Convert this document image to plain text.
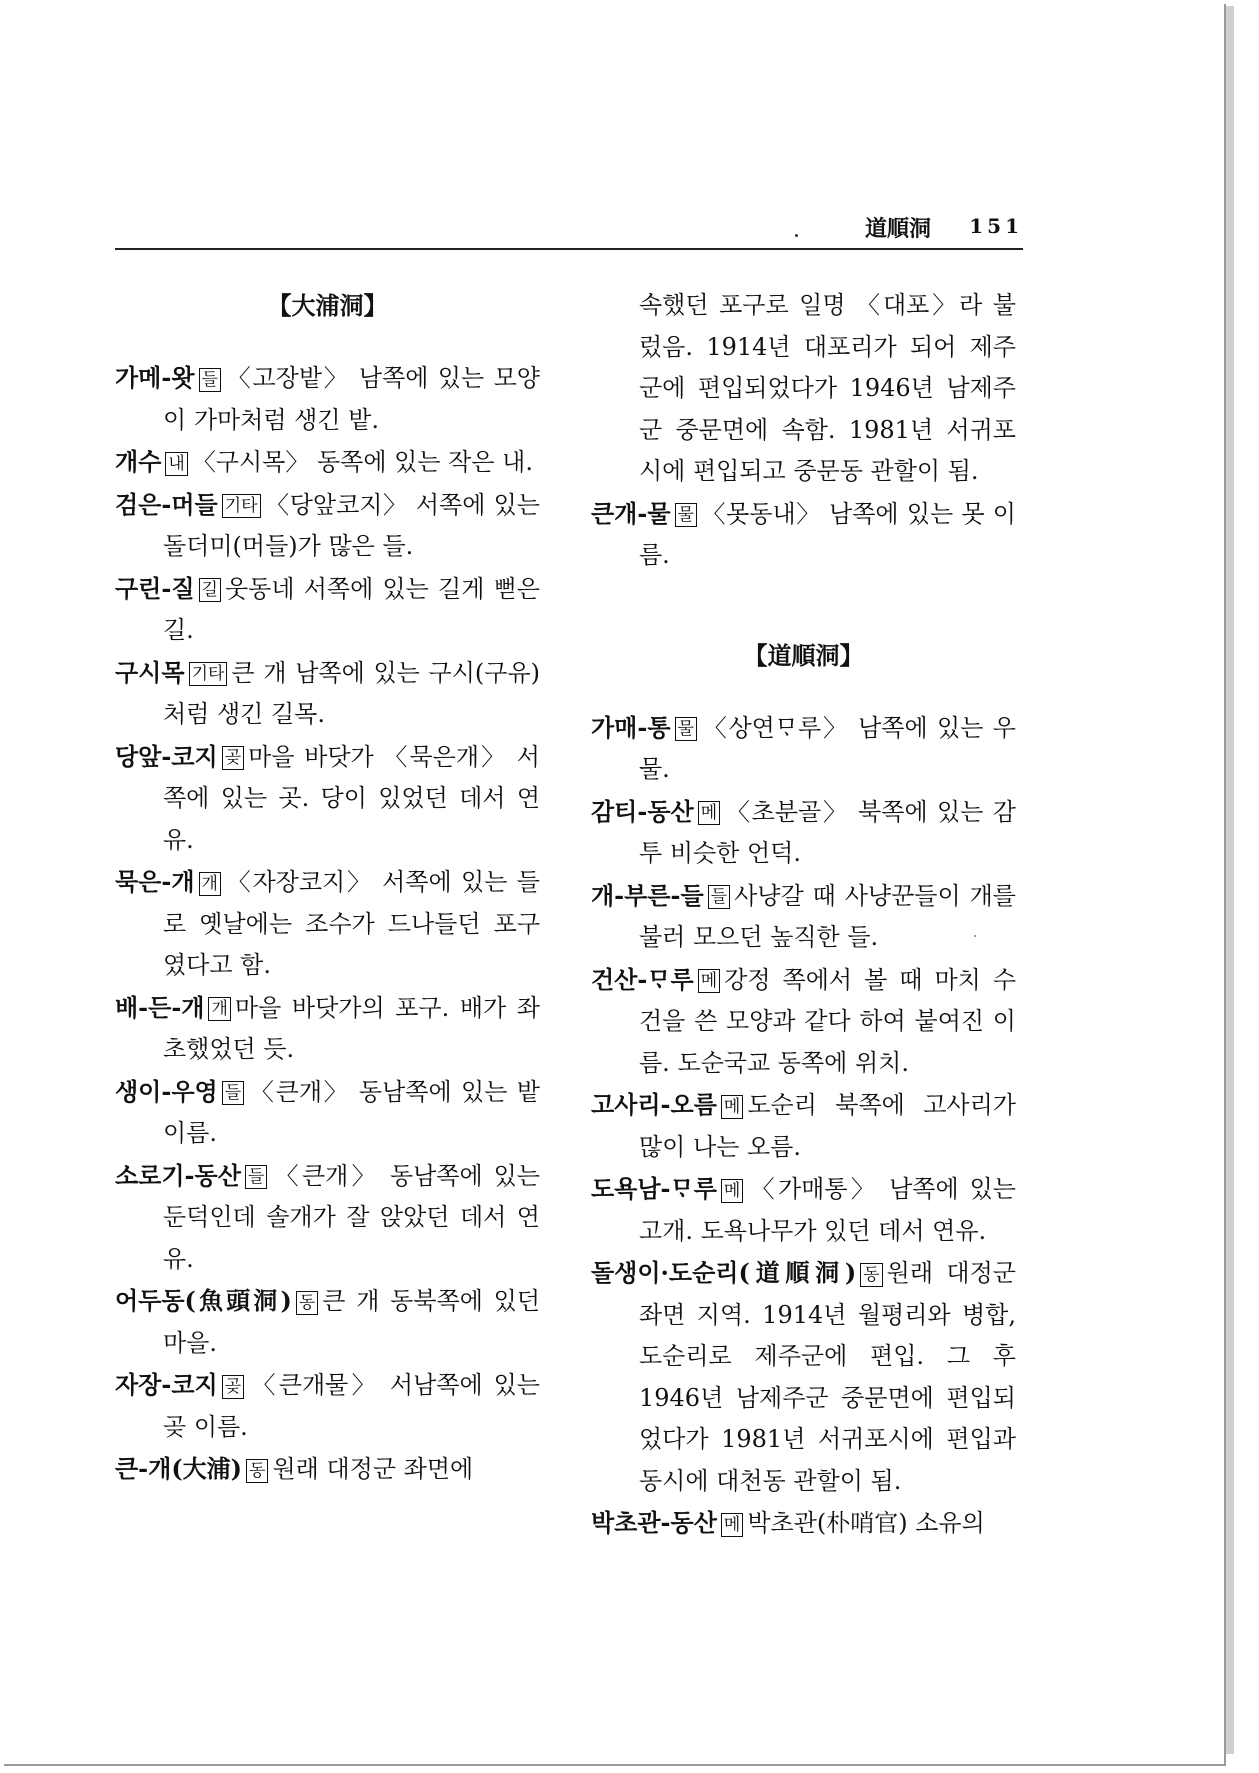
道順洞 151
【大浦洞】
가메-왓 들 〈고장밭〉 남쪽에 있는 모양이 가마처럼 생긴 밭.
개수 내 〈구시목〉 동쪽에 있는 작은 내.
검은-머들 기타 〈당앞코지〉 서쪽에 있는 돌더미(머들)가 많은 들.
구린-질 길 웃동네 서쪽에 있는 길게 뻗은 길.
구시목 기타 큰 개 남쪽에 있는 구시(구유)처럼 생긴 길목.
당앞-코지 곶 마을 바닷가 〈묵은개〉 서쪽에 있는 곳. 당이 있었던 데서 연유.
묵은-개 개 〈자장코지〉 서쪽에 있는 들로 옛날에는 조수가 드나들던 포구였다고 함.
배-든-개 개 마을 바닷가의 포구. 배가 좌초했었던 듯.
생이-우영 들 〈큰개〉 동남쪽에 있는 밭 이름.
소로기-동산 들 〈큰개〉 동남쪽에 있는 둔덕인데 솔개가 잘 앉았던 데서 연유.
어두동(魚頭洞) 동 큰 개 동북쪽에 있던 마을.
자장-코지 곶 〈큰개물〉 서남쪽에 있는 곶 이름.
큰-개(大浦) 동 원래 대정군 좌면에
속했던 포구로 일명 〈대포〉라 불렀음. 1914년 대포리가 되어 제주군에 편입되었다가 1946년 남제주군 중문면에 속함. 1981년 서귀포시에 편입되고 중문동 관할이 됨.
큰개-물 물 〈못동내〉 남쪽에 있는 못 이름.
【道順洞】
가매-통 물 〈상연ᄆᆞ루〉 남쪽에 있는 우물.
감티-동산 메 〈초분골〉 북쪽에 있는 감투 비슷한 언덕.
개-부른-들 들 사냥갈 때 사냥꾼들이 개를 불러 모으던 높직한 들.
건산-ᄆᆞ루 메 강정 쪽에서 볼 때 마치 수건을 쓴 모양과 같다 하여 붙여진 이름. 도순국교 동쪽에 위치.
고사리-오름 메 도순리 북쪽에 고사리가 많이 나는 오름.
도욕남-ᄆᆞ루 메 〈가매통〉 남쪽에 있는 고개. 도욕나무가 있던 데서 연유.
돌생이·도순리(道順洞) 동 원래 대정군 좌면 지역. 1914년 월평리와 병합, 도순리로 제주군에 편입. 그 후 1946년 남제주군 중문면에 편입되었다가 1981년 서귀포시에 편입과 동시에 대천동 관할이 됨.
박초관-동산 메 박초관(朴哨官) 소유의
